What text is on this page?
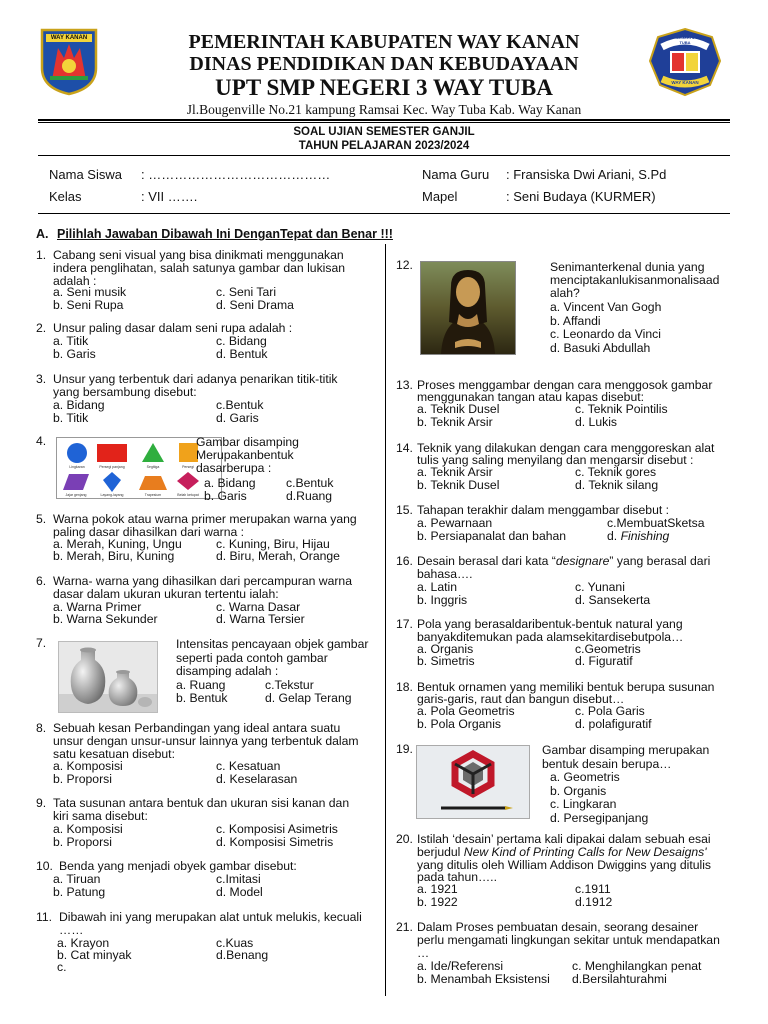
WAY KANAN	SMP NEGERI 3 WAY TUBA
WAY KANAN
PEMERINTAH KABUPATEN WAY KANAN
DINAS PENDIDIKAN DAN KEBUDAYAAN
UPT SMP NEGERI 3 WAY TUBA
Jl.Bougenville No.21 kampung Ramsai Kec. Way Tuba Kab. Way Kanan
SOAL UJIAN SEMESTER GANJIL
TAHUN PELAJARAN 2023/2024
Nama Siswa : ……………………………………
Kelas	: VII …….
Nama Guru : Fransiska Dwi Ariani, S.Pd
Mapel	: Seni Budaya (KURMER)
A. Pilihlah Jawaban Dibawah Ini DenganTepat dan Benar !!!
1. Cabang seni visual yang bisa dinikmati menggunakan
indera penglihatan, salah satunya gambar dan lukisan
adalah :
a. Seni musik
b. Seni Rupa
c. Seni Tari
d. Seni Drama
2. Unsur paling dasar dalam seni rupa adalah :
a. Titik
b. Garis
c. Bidang
d. Bentuk
3. Unsur yang terbentuk dari adanya penarikan titik-titik
yang bersambung disebut:
a. Bidang
b. Titik
c.Bentuk
d. Garis
4.
Lingkaran	Persegi panjang	Segitiga	Persegi
Jajar genjang	Layang-layang	Trapesium	Belah ketupat
Gambar disamping
Merupakanbentuk
dasarberupa :
a. Bidang
b. Garis
c.Bentuk
d.Ruang
5. Warna pokok atau warna primer merupakan warna yang
paling dasar dihasilkan dari warna :
a. Merah, Kuning, Ungu
b. Merah, Biru, Kuning
c. Kuning, Biru, Hijau
d. Biru, Merah, Orange
6. Warna- warna yang dihasilkan dari percampuran warna
dasar dalam ukuran ukuran tertentu ialah:
a. Warna Primer
b. Warna Sekunder
c. Warna Dasar
d. Warna Tersier
7.	Intensitas pencayaan objek gambar
seperti pada contoh gambar
disamping adalah :
a. Ruang
b. Bentuk
c.Tekstur
d. Gelap Terang
8. Sebuah kesan Perbandingan yang ideal antara suatu
unsur dengan unsur-unsur lainnya yang terbentuk dalam
satu kesatuan disebut:
a. Komposisi
b. Proporsi
c. Kesatuan
d. Keselarasan
9. Tata susunan antara bentuk dan ukuran sisi kanan dan
kiri sama disebut:
a. Komposisi
b. Proporsi
c. Komposisi Asimetris
d. Komposisi Simetris
10. Benda yang menjadi obyek gambar disebut:
a. Tiruan
b. Patung
c.Imitasi
d. Model
11. Dibawah ini yang merupakan alat untuk melukis, kecuali
……
a. Krayon
b. Cat minyak
c.
c.Kuas
d.Benang
12.	Senimanterkenal dunia yang
menciptakanlukisanmonalisaad
alah?
a. Vincent Van Gogh
b. Affandi
c. Leonardo da Vinci
d. Basuki Abdullah
13. Proses menggambar dengan cara menggosok gambar
menggunakan tangan atau kapas disebut:
a. Teknik Dusel
b. Teknik Arsir
c. Teknik Pointilis
d. Lukis
14. Teknik yang dilakukan dengan cara menggoreskan alat
tulis yang saling menyilang dan mengarsir disebut :
a. Teknik Arsir
b. Teknik Dusel
c. Teknik gores
d. Teknik silang
15. Tahapan terakhir dalam menggambar disebut :
a. Pewarnaan
b. Persiapanalat dan bahan
c.MembuatSketsa
d. Finishing
16. Desain berasal dari kata “designare” yang berasal dari
bahasa….
a. Latin
b. Inggris
c. Yunani
d. Sansekerta
17. Pola yang berasaldaribentuk-bentuk natural yang
banyakditemukan pada alamsekitardisebutpola…
a. Organis
b. Simetris
c.Geometris
d. Figuratif
18. Bentuk ornamen yang memiliki bentuk berupa susunan
garis-garis, raut dan bangun disebut…
a. Pola Geometris
b. Pola Organis
c. Pola Garis
d. polafiguratif
19.	Gambar disamping merupakan
bentuk desain berupa…
a. Geometris
b. Organis
c. Lingkaran
d. Persegipanjang
20. Istilah ‘desain’ pertama kali dipakai dalam sebuah esai
berjudul New Kind of Printing Calls for New Desaigns'
yang ditulis oleh William Addison Dwiggins yang ditulis
pada tahun…..
a. 1921
b. 1922
c.1911
d.1912
21. Dalam Proses pembuatan desain, seorang desainer
perlu mengamati lingkungan sekitar untuk mendapatkan
…
a. Ide/Referensi
b. Menambah Eksistensi
c. Menghilangkan penat
d.Bersilahturahmi
